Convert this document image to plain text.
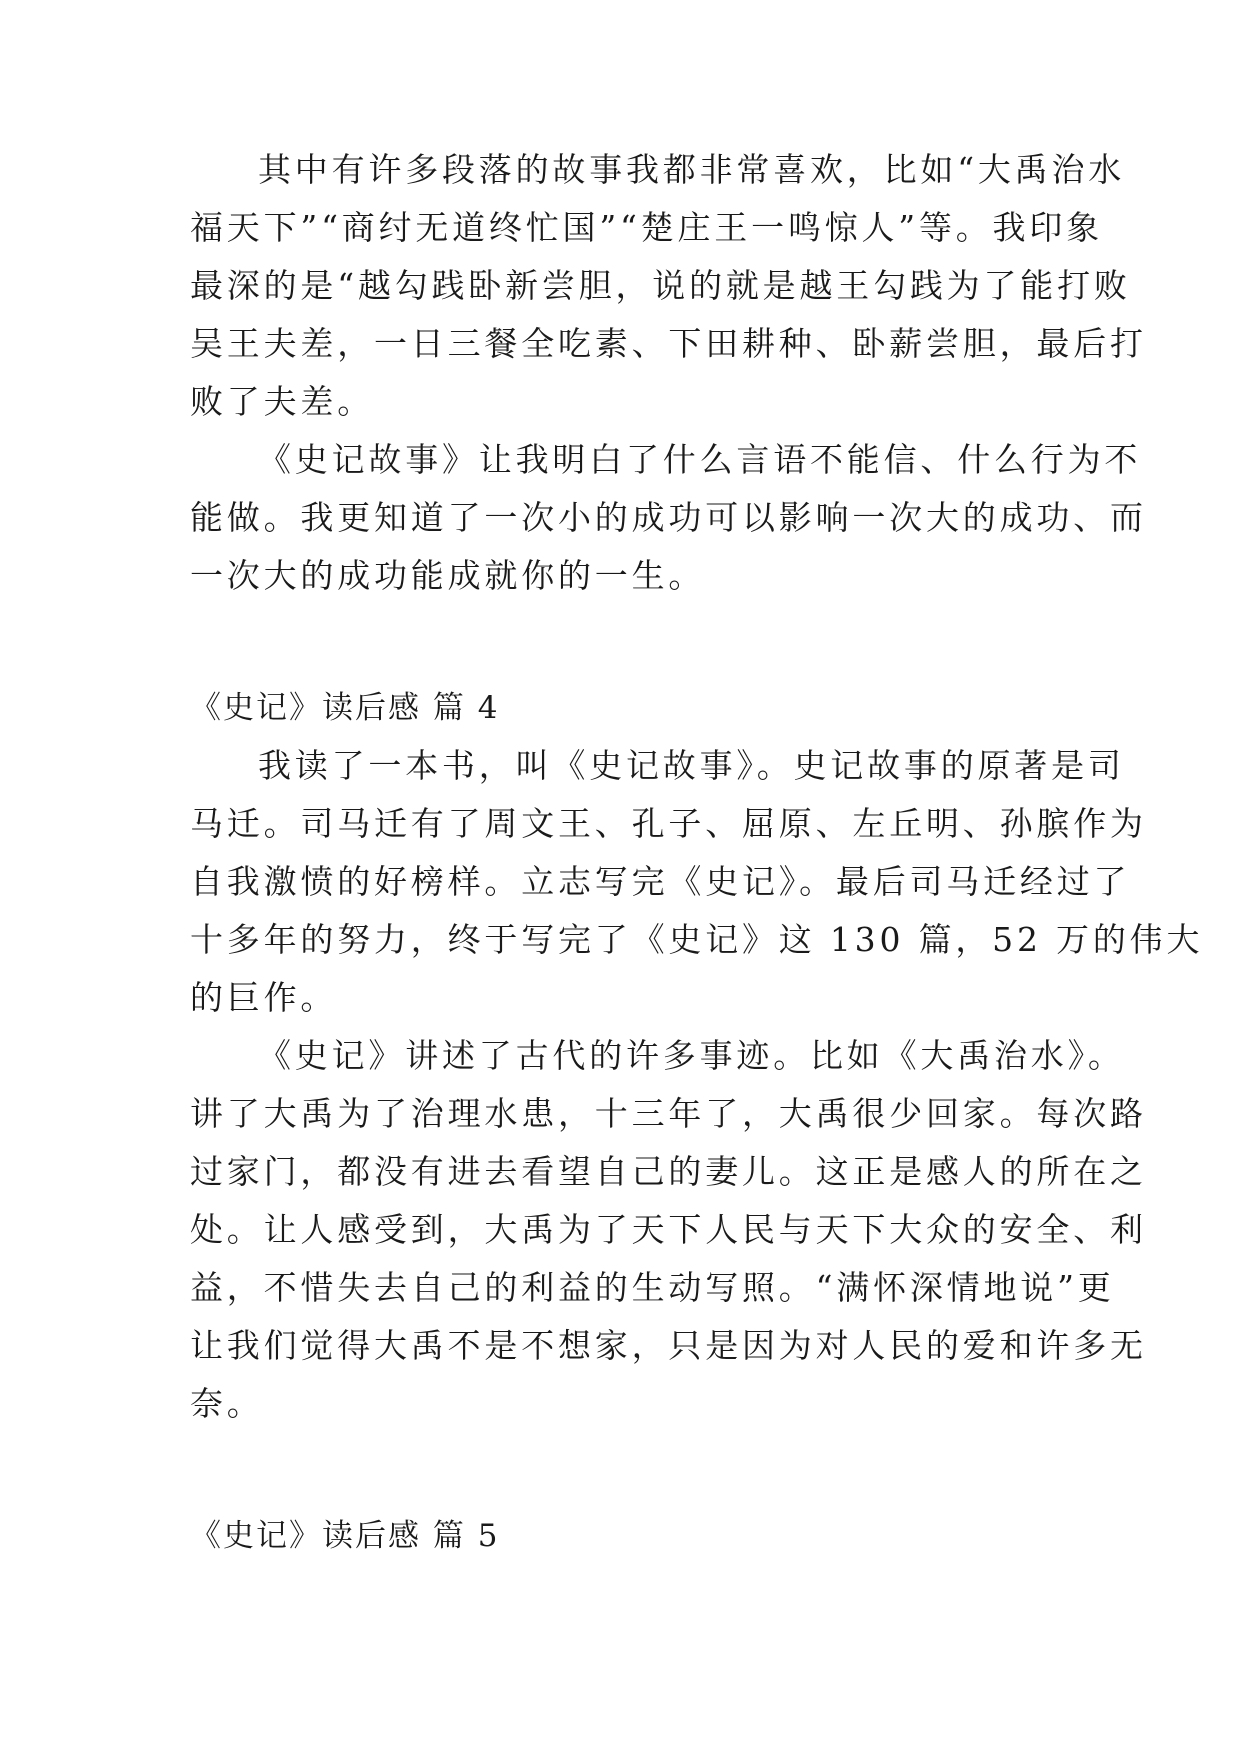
其中有许多段落的故事我都非常喜欢，比如“大禹治水
福天下”“商纣无道终忙国”“楚庄王一鸣惊人”等。我印象
最深的是“越勾践卧新尝胆，说的就是越王勾践为了能打败
吴王夫差，一日三餐全吃素、下田耕种、卧薪尝胆，最后打
败了夫差。
《史记故事》让我明白了什么言语不能信、什么行为不
能做。我更知道了一次小的成功可以影响一次大的成功、而
一次大的成功能成就你的一生。
《史记》读后感 篇 4
我读了一本书，叫《史记故事》。史记故事的原著是司
马迁。司马迁有了周文王、孔子、屈原、左丘明、孙膑作为
自我激愤的好榜样。立志写完《史记》。最后司马迁经过了
十多年的努力，终于写完了《史记》这 130 篇，52 万的伟大
的巨作。
《史记》讲述了古代的许多事迹。比如《大禹治水》。
讲了大禹为了治理水患，十三年了，大禹很少回家。每次路
过家门，都没有进去看望自己的妻儿。这正是感人的所在之
处。让人感受到，大禹为了天下人民与天下大众的安全、利
益，不惜失去自己的利益的生动写照。“满怀深情地说”更
让我们觉得大禹不是不想家，只是因为对人民的爱和许多无
奈。
《史记》读后感 篇 5
